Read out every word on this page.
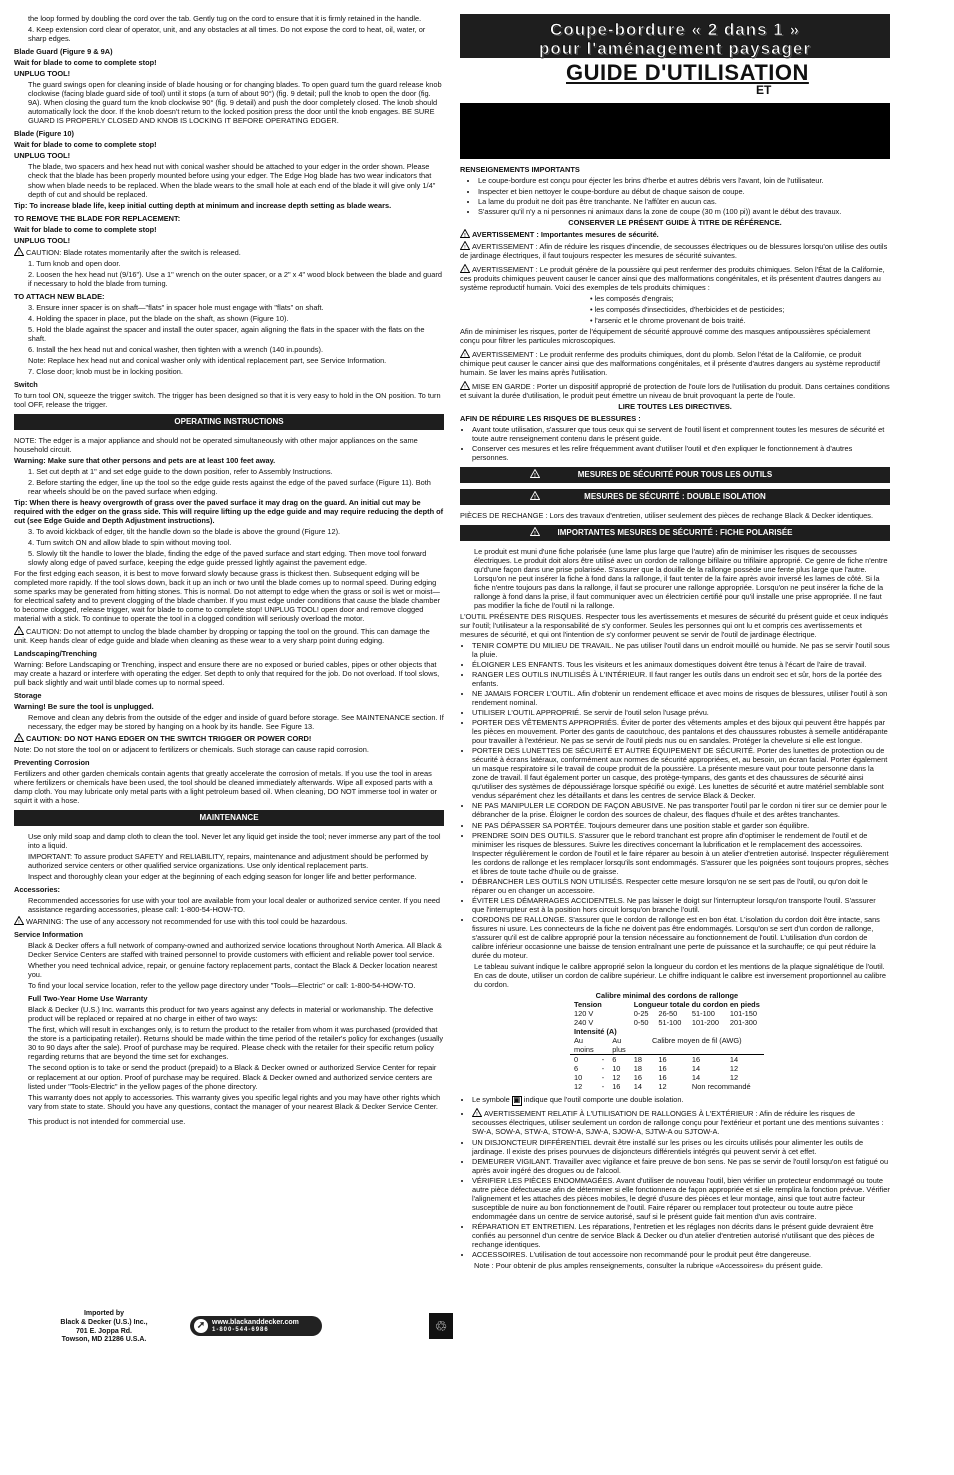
the loop formed by doubling the cord over the tab. Gently tug on the cord to ensure that it is firmly retained in the handle.

4. Keep extension cord clear of operator, unit, and any obstacles at all times. Do not expose the cord to heat, oil, water, or sharp edges.

Blade Guard (Figure 9 & 9A)

Wait for blade to come to complete stop!

UNPLUG TOOL!

The guard swings open for cleaning inside of blade housing or for changing blades. To open guard turn the guard release knob clockwise (facing blade guard side of tool) until it stops (a turn of about 90°) (fig. 9 detail; pull the knob to open the door (fig. 9A). When closing the guard turn the knob clockwise 90° (fig. 9 detail) and push the door completely closed. The knob should automatically lock the door. If the knob doesn't return to the locked position press the door until the knob engages. BE SURE GUARD IS PROPERLY CLOSED AND KNOB IS LOCKING IT BEFORE OPERATING EDGER.

Blade (Figure 10)

Wait for blade to come to complete stop!

UNPLUG TOOL!

The blade, two spacers and hex head nut with conical washer should be attached to your edger in the order shown. Please check that the blade has been properly mounted before using your edger. The Edge Hog blade has two wear indicators that show when blade needs to be replaced. When the blade wears to the small hole at each end of the blade it will give only 1/4" depth of cut and should be replaced.

Tip: To increase blade life, keep initial cutting depth at minimum and increase depth setting as blade wears.

TO REMOVE THE BLADE FOR REPLACEMENT:

Wait for blade to come to complete stop!

UNPLUG TOOL!

! CAUTION: Blade rotates momentarily after the switch is released.

1. Turn knob and open door.

2. Loosen the hex head nut (9/16"). Use a 1" wrench on the outer spacer, or a 2" x 4" wood block between the blade and guard if necessary to hold the blade from turning.

TO ATTACH NEW BLADE:

3. Ensure inner spacer is on shaft—"flats" in spacer hole must engage with "flats" on shaft.

4. Holding the spacer in place, put the blade on the shaft, as shown (Figure 10).

5. Hold the blade against the spacer and install the outer spacer, again aligning the flats in the spacer with the flats on the shaft.

6. Install the hex head nut and conical washer, then tighten with a wrench (140 in.pounds).

Note: Replace hex head nut and conical washer only with identical replacement part, see Service Information.

7. Close door; knob must be in locking position.

Switch

To turn tool ON, squeeze the trigger switch. The trigger has been designed so that it is very easy to hold in the ON position. To turn tool OFF, release the trigger.

OPERATING INSTRUCTIONS

NOTE: The edger is a major appliance and should not be operated simultaneously with other major appliances on the same household circuit.

Warning: Make sure that other persons and pets are at least 100 feet away.

1. Set cut depth at 1" and set edge guide to the down position, refer to Assembly Instructions.

2. Before starting the edger, line up the tool so the edge guide rests against the edge of the paved surface (Figure 11). Both rear wheels should be on the paved surface when edging.

Tip: When there is heavy overgrowth of grass over the paved surface it may drag on the guard. An initial cut may be required with the edger on the grass side. This will require lifting up the edge guide and may require reducing the depth of cut (see Edge Guide and Depth Adjustment instructions).

3. To avoid kickback of edger, tilt the handle down so the blade is above the ground (Figure 12).

4. Turn switch ON and allow blade to spin without moving tool.

5. Slowly tilt the handle to lower the blade, finding the edge of the paved surface and start edging. Then move tool forward slowly along edge of paved surface, keeping the edge guide pressed lightly against the pavement edge.

For the first edging each season, it is best to move forward slowly because grass is thickest then. Subsequent edging will be completed more rapidly. If the tool slows down, back it up an inch or two until the blade comes up to normal speed. During edging some sparks may be generated from hitting stones. This is normal. Do not attempt to edge when the grass or soil is wet or moist—for electrical safety and to prevent clogging of the blade chamber. If you must edge under conditions that cause the blade chamber to become clogged, release trigger, wait for blade to come to complete stop! UNPLUG TOOL! open door and remove clogged material with a stick. To continue to operate the tool in a clogged condition will seriously overload the motor.

! CAUTION: Do not attempt to unclog the blade chamber by dropping or tapping the tool on the ground. This can damage the unit. Keep hands clear of edge guide and blade when cleaning as these wear to a very sharp point during edging.

Landscaping/Trenching

Warning: Before Landscaping or Trenching, inspect and ensure there are no exposed or buried cables, pipes or other objects that may create a hazard or interfere with operating the edger. Set depth to only that required for the job. Do not overload. If tool slows, pull back slightly and wait until blade comes up to normal speed.

Storage

Warning! Be sure the tool is unplugged.

Remove and clean any debris from the outside of the edger and inside of guard before storage. See MAINTENANCE section. If necessary, the edger may be stored by hanging on a hook by its handle. See Figure 13.

! CAUTION: DO NOT HANG EDGER ON THE SWITCH TRIGGER OR POWER CORD!

Note: Do not store the tool on or adjacent to fertilizers or chemicals. Such storage can cause rapid corrosion.

Preventing Corrosion

Fertilizers and other garden chemicals contain agents that greatly accelerate the corrosion of metals. If you use the tool in areas where fertilizers or chemicals have been used, the tool should be cleaned immediately afterwards. Wipe all exposed parts with a damp cloth. You may lubricate only metal parts with a light petroleum based oil. When cleaning, DO NOT immerse tool in water or squirt it with a hose.

MAINTENANCE

Use only mild soap and damp cloth to clean the tool. Never let any liquid get inside the tool; never immerse any part of the tool into a liquid.

IMPORTANT: To assure product SAFETY and RELIABILITY, repairs, maintenance and adjustment should be performed by authorized service centers or other qualified service organizations. Use only identical replacement parts.

Inspect and thoroughly clean your edger at the beginning of each edging season for longer life and better performance.

Accessories:

Recommended accessories for use with your tool are available from your local dealer or authorized service center. If you need assistance regarding accessories, please call: 1-800-54-HOW-TO.

! WARNING: The use of any accessory not recommended for use with this tool could be hazardous.

Service Information

Black & Decker offers a full network of company-owned and authorized service locations throughout North America. All Black & Decker Service Centers are staffed with trained personnel to provide customers with efficient and reliable power tool service.

Whether you need technical advice, repair, or genuine factory replacement parts, contact the Black & Decker location nearest you.

To find your local service location, refer to the yellow page directory under "Tools—Electric" or call: 1-800-54-HOW-TO.

Full Two-Year Home Use Warranty

Black & Decker (U.S.) Inc. warrants this product for two years against any defects in material or workmanship. The defective product will be replaced or repaired at no charge in either of two ways:

The first, which will result in exchanges only, is to return the product to the retailer from whom it was purchased (provided that the store is a participating retailer). Returns should be made within the time period of the retailer's policy for exchanges (usually 30 to 90 days after the sale). Proof of purchase may be required. Please check with the retailer for their specific return policy regarding returns that are beyond the time set for exchanges.

The second option is to take or send the product (prepaid) to a Black & Decker owned or authorized Service Center for repair or replacement at our option. Proof of purchase may be required. Black & Decker owned and authorized service centers are listed under "Tools-Electric" in the yellow pages of the phone directory.

This warranty does not apply to accessories. This warranty gives you specific legal rights and you may have other rights which vary from state to state. Should you have any questions, contact the manager of your nearest Black & Decker Service Center.

This product is not intended for commercial use.

Imported by
Black & Decker (U.S.) Inc.,
701 E. Joppa Rd.
Towson, MD 21286 U.S.A.
➚ www.blackanddecker.com
1-800-544-6986	♲
Coupe-bordure « 2 dans 1 »
pour l'aménagement paysager
GUIDE D'UTILISATION
ET

RENSEIGNEMENTS IMPORTANTS

• Le coupe-bordure est conçu pour éjecter les brins d'herbe et autres débris vers l'avant, loin de l'utilisateur.
• Inspecter et bien nettoyer le coupe-bordure au début de chaque saison de coupe.
• La lame du produit ne doit pas être tranchante. Ne l'affûter en aucun cas.
• S'assurer qu'il n'y a ni personnes ni animaux dans la zone de coupe (30 m (100 pi)) avant le début des travaux.

CONSERVER LE PRÉSENT GUIDE À TITRE DE RÉFÉRENCE.

! AVERTISSEMENT : Importantes mesures de sécurité.

! AVERTISSEMENT : Afin de réduire les risques d'incendie, de secousses électriques ou de blessures lorsqu'on utilise des outils de jardinage électriques, il faut toujours respecter les mesures de sécurité suivantes.

! AVERTISSEMENT : Le produit génère de la poussière qui peut renfermer des produits chimiques. Selon l'État de la Californie, ces produits chimiques peuvent causer le cancer ainsi que des malformations congénitales, et ils présentent d'autres dangers au système reproductif humain. Voici des exemples de tels produits chimiques :

• les composés d'engrais;

• les composés d'insecticides, d'herbicides et de pesticides;

• l'arsenic et le chrome provenant de bois traité.

Afin de minimiser les risques, porter de l'équipement de sécurité approuvé comme des masques antipoussières spécialement conçu pour filtrer les particules microscopiques.

! AVERTISSEMENT : Le produit renferme des produits chimiques, dont du plomb. Selon l'état de la Californie, ce produit chimique peut causer le cancer ainsi que des malformations congénitales, et il présente d'autres dangers au système reproductif humain. Se laver les mains après l'utilisation.

! MISE EN GARDE : Porter un dispositif approprié de protection de l'ouïe lors de l'utilisation du produit. Dans certaines conditions et suivant la durée d'utilisation, le produit peut émettre un niveau de bruit provoquant la perte de l'ouïe.

LIRE TOUTES LES DIRECTIVES.

AFIN DE RÉDUIRE LES RISQUES DE BLESSURES :

• Avant toute utilisation, s'assurer que tous ceux qui se servent de l'outil lisent et comprennent toutes les mesures de sécurité et toute autre renseignement contenu dans le présent guide.
• Conserver ces mesures et les relire fréquemment avant d'utiliser l'outil et d'en expliquer le fonctionnement à d'autres personnes.
!	MESURES DE SÉCURITÉ POUR TOUS LES OUTILS
!	MESURES DE SÉCURITÉ : DOUBLE ISOLATION

PIÈCES DE RECHANGE : Lors des travaux d'entretien, utiliser seulement des pièces de rechange Black & Decker identiques.

!	IMPORTANTES MESURES DE SÉCURITÉ : FICHE POLARISÉE

Le produit est muni d'une fiche polarisée (une lame plus large que l'autre) afin de minimiser les risques de secousses électriques. Le produit doit alors être utilisé avec un cordon de rallonge bifilaire ou trifilaire approprié. Ce genre de fiche n'entre qu'd'une façon dans une prise polarisée. S'assurer que la douille de la rallonge possède une fente plus large que l'autre. Lorsqu'on ne peut insérer la fiche à fond dans la rallonge, il faut tenter de la faire après avoir inversé les lames de côté. Si la fiche n'entre toujours pas dans la rallonge, il faut se procurer une rallonge appropriée. Lorsqu'on ne peut insérer la fiche de la rallonge à fond dans la prise, il faut communiquer avec un électricien certifié pour qu'il installe une prise appropriée. Il ne faut pas modifier la fiche de l'outil ni la rallonge.

L'OUTIL PRÉSENTE DES RISQUES. Respecter tous les avertissements et mesures de sécurité du présent guide et ceux indiqués sur l'outil; l'utilisateur a la responsabilité de s'y conformer. Seules les personnes qui ont lu et compris ces avertissements et mesures de sécurité, et qui ont l'intention de s'y conformer peuvent se servir de l'outil de jardinage électrique.

• TENIR COMPTE DU MILIEU DE TRAVAIL. Ne pas utiliser l'outil dans un endroit mouillé ou humide. Ne pas se servir l'outil sous la pluie.
• ÉLOIGNER LES ENFANTS. Tous les visiteurs et les animaux domestiques doivent être tenus à l'écart de l'aire de travail.
• RANGER LES OUTILS INUTILISÉS À L'INTÉRIEUR. Il faut ranger les outils dans un endroit sec et sûr, hors de la portée des enfants.
• NE JAMAIS FORCER L'OUTIL. Afin d'obtenir un rendement efficace et avec moins de risques de blessures, utiliser l'outil à son rendement nominal.
• UTILISER L'OUTIL APPROPRIÉ. Se servir de l'outil selon l'usage prévu.
• PORTER DES VÊTEMENTS APPROPRIÉS. Éviter de porter des vêtements amples et des bijoux qui peuvent être happés par les pièces en mouvement. Porter des gants de caoutchouc, des pantalons et des chaussures robustes à semelle antidérapante pour travailler à l'extérieur. Ne pas se servir de l'outil pieds nus ou en sandales. Protéger la chevelure si elle est longue.
• PORTER DES LUNETTES DE SÉCURITÉ ET AUTRE ÉQUIPEMENT DE SÉCURITÉ. Porter des lunettes de protection ou de sécurité à écrans latéraux, conformément aux normes de sécurité appropriées, et, au besoin, un écran facial. Porter également un masque respiratoire si le travail de coupe produit de la poussière. La présente mesure vaut pour toute personne dans la zone de travail. Il faut également porter un casque, des protège-tympans, des gants et des chaussures de sécurité ainsi qu'utiliser des systèmes de dépoussiérage lorsque spécifié ou exigé. Les lunettes de sécurité et autre matériel semblable sont vendus séparément chez les détaillants et dans les centres de service Black & Decker.
• NE PAS MANIPULER LE CORDON DE FAÇON ABUSIVE. Ne pas transporter l'outil par le cordon ni tirer sur ce dernier pour le débrancher de la prise. Éloigner le cordon des sources de chaleur, des flaques d'huile et des arêtes tranchantes.
• NE PAS DÉPASSER SA PORTÉE. Toujours demeurer dans une position stable et garder son équilibre.
• PRENDRE SOIN DES OUTILS. S'assurer que le rebord tranchant est propre afin d'optimiser le rendement de l'outil et de minimiser les risques de blessures. Suivre les directives concernant la lubrification et le remplacement des accessoires. Inspecter régulièrement le cordon de l'outil et le faire réparer au besoin à un atelier d'entretien autorisé. Inspecter régulièrement les cordons de rallonge et les remplacer lorsqu'ils sont endommagés. S'assurer que les poignées sont toujours propres, sèches et libres de toute tache d'huile ou de graisse.
• DÉBRANCHER LES OUTILS NON UTILISÉS. Respecter cette mesure lorsqu'on ne se sert pas de l'outil, ou qu'on doit le réparer ou en changer un accessoire.
• ÉVITER LES DÉMARRAGES ACCIDENTELS. Ne pas laisser le doigt sur l'interrupteur lorsqu'on transporte l'outil. S'assurer que l'interrupteur est à la position hors circuit lorsqu'on branche l'outil.
• CORDONS DE RALLONGE. S'assurer que le cordon de rallonge est en bon état. L'isolation du cordon doit être intacte, sans fissures ni usure. Les connecteurs de la fiche ne doivent pas être endommagés. Lorsqu'on se sert d'un cordon de rallonge, s'assurer qu'il est de calibre approprié pour la tension nécessaire au fonctionnement de l'outil. L'utilisation d'un cordon de calibre inférieur occasionne une baisse de tension entraînant une perte de puissance et la surchauffe; ce qui peut réduire la durée du moteur.

Le tableau suivant indique le calibre approprié selon la longueur du cordon et les mentions de la plaque signalétique de l'outil. En cas de doute, utiliser un cordon de calibre supérieur. Le chiffre indiquant le calibre est inversement proportionnel au calibre du cordon.

Calibre minimal des cordons de rallonge						
Tension			Longueur totale du cordon en pieds			
120 V			0-25	26-50	51-100	101-150
240 V			0-50	51-100	101-200	201-300
Intensité (A)						
Au		Au	Calibre moyen de fil (AWG)			
moins		plus				
0	-	6	18	16	16	14
6	-	10	18	16	14	12
10	-	12	16	16	14	12
12	-	16	14	12	Non recommandé	
• Le symbole ▣ indique que l'outil comporte une double isolation.
• ! AVERTISSEMENT RELATIF À L'UTILISATION DE RALLONGES À L'EXTÉRIEUR : Afin de réduire les risques de secousses électriques, utiliser seulement un cordon de rallonge conçu pour l'extérieur et portant une des mentions suivantes : SW-A, SOW-A, STW-A, STOW-A, SJW-A, SJOW-A, SJTW-A ou SJTOW-A.
• UN DISJONCTEUR DIFFÉRENTIEL devrait être installé sur les prises ou les circuits utilisés pour alimenter les outils de jardinage. Il existe des prises pourvues de disjoncteurs différentiels intégrés qui peuvent servir à cet effet.
• DEMEURER VIGILANT. Travailler avec vigilance et faire preuve de bon sens. Ne pas se servir de l'outil lorsqu'on est fatigué ou après avoir ingéré des drogues ou de l'alcool.
• VÉRIFIER LES PIÈCES ENDOMMAGÉES. Avant d'utiliser de nouveau l'outil, bien vérifier un protecteur endommagé ou toute autre pièce défectueuse afin de déterminer si elle fonctionnera de façon appropriée et si elle remplira la fonction prévue. Vérifier l'alignement et les attaches des pièces mobiles, le degré d'usure des pièces et leur montage, ainsi que tout autre facteur susceptible de nuire au bon fonctionnement de l'outil. Faire réparer ou remplacer tout protecteur ou toute autre pièce endommagée dans un centre de service autorisé, sauf si le présent guide fait mention d'un avis contraire.
• RÉPARATION ET ENTRETIEN. Les réparations, l'entretien et les réglages non décrits dans le présent guide devraient être confiés au personnel d'un centre de service Black & Decker ou d'un atelier d'entretien autorisé n'utilisant que des pièces de rechange identiques.
• ACCESSOIRES. L'utilisation de tout accessoire non recommandé pour le produit peut être dangereuse.

Note : Pour obtenir de plus amples renseignements, consulter la rubrique «Accessoires» du présent guide.
